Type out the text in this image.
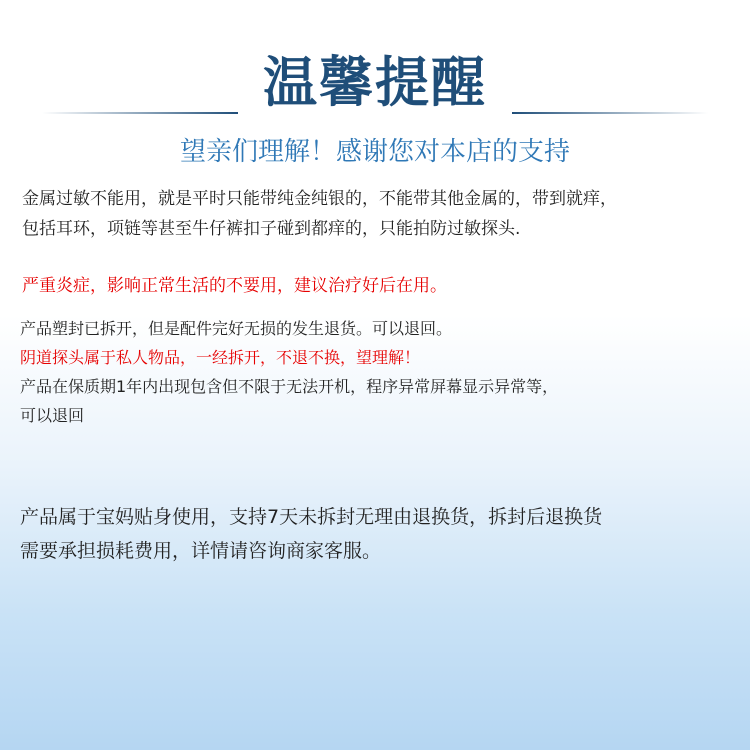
温馨提醒
望亲们理解！感谢您对本店的支持
金属过敏不能用，就是平时只能带纯金纯银的，不能带其他金属的，带到就痒，
包括耳环，项链等甚至牛仔裤扣子碰到都痒的，只能拍防过敏探头.
严重炎症，影响正常生活的不要用，建议治疗好后在用。
产品塑封已拆开，但是配件完好无损的发生退货。可以退回。
阴道探头属于私人物品，一经拆开，不退不换，望理解！
产品在保质期1年内出现包含但不限于无法开机，程序异常屏幕显示异常等，
可以退回
产品属于宝妈贴身使用，支持7天未拆封无理由退换货，拆封后退换货
需要承担损耗费用，详情请咨询商家客服。
